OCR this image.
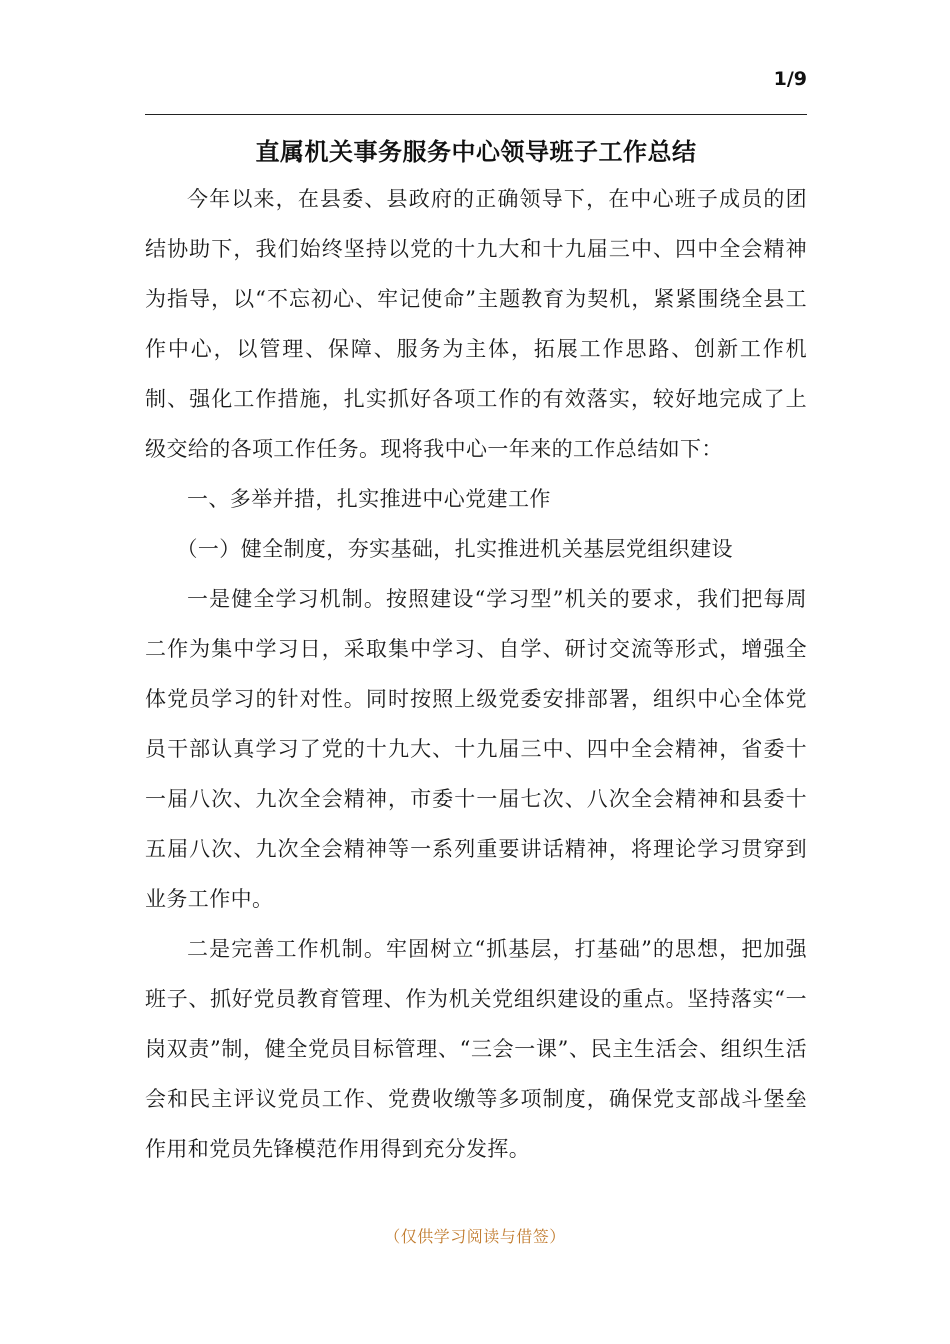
1/9
直属机关事务服务中心领导班子工作总结

今年以来，在县委、县政府的正确领导下，在中心班子成员的团结协助下，我们始终坚持以党的十九大和十九届三中、四中全会精神为指导，以“不忘初心、牢记使命”主题教育为契机，紧紧围绕全县工作中心，以管理、保障、服务为主体，拓展工作思路、创新工作机制、强化工作措施，扎实抓好各项工作的有效落实，较好地完成了上级交给的各项工作任务。现将我中心一年来的工作总结如下：

一、多举并措，扎实推进中心党建工作

（一）健全制度，夯实基础，扎实推进机关基层党组织建设

一是健全学习机制。按照建设“学习型”机关的要求，我们把每周二作为集中学习日，采取集中学习、自学、研讨交流等形式，增强全体党员学习的针对性。同时按照上级党委安排部署，组织中心全体党员干部认真学习了党的十九大、十九届三中、四中全会精神，省委十一届八次、九次全会精神，市委十一届七次、八次全会精神和县委十五届八次、九次全会精神等一系列重要讲话精神，将理论学习贯穿到业务工作中。

二是完善工作机制。牢固树立“抓基层，打基础”的思想，把加强班子、抓好党员教育管理、作为机关党组织建设的重点。坚持落实“一岗双责”制，健全党员目标管理、“三会一课”、民主生活会、组织生活会和民主评议党员工作、党费收缴等多项制度，确保党支部战斗堡垒作用和党员先锋模范作用得到充分发挥。

（仅供学习阅读与借签）
